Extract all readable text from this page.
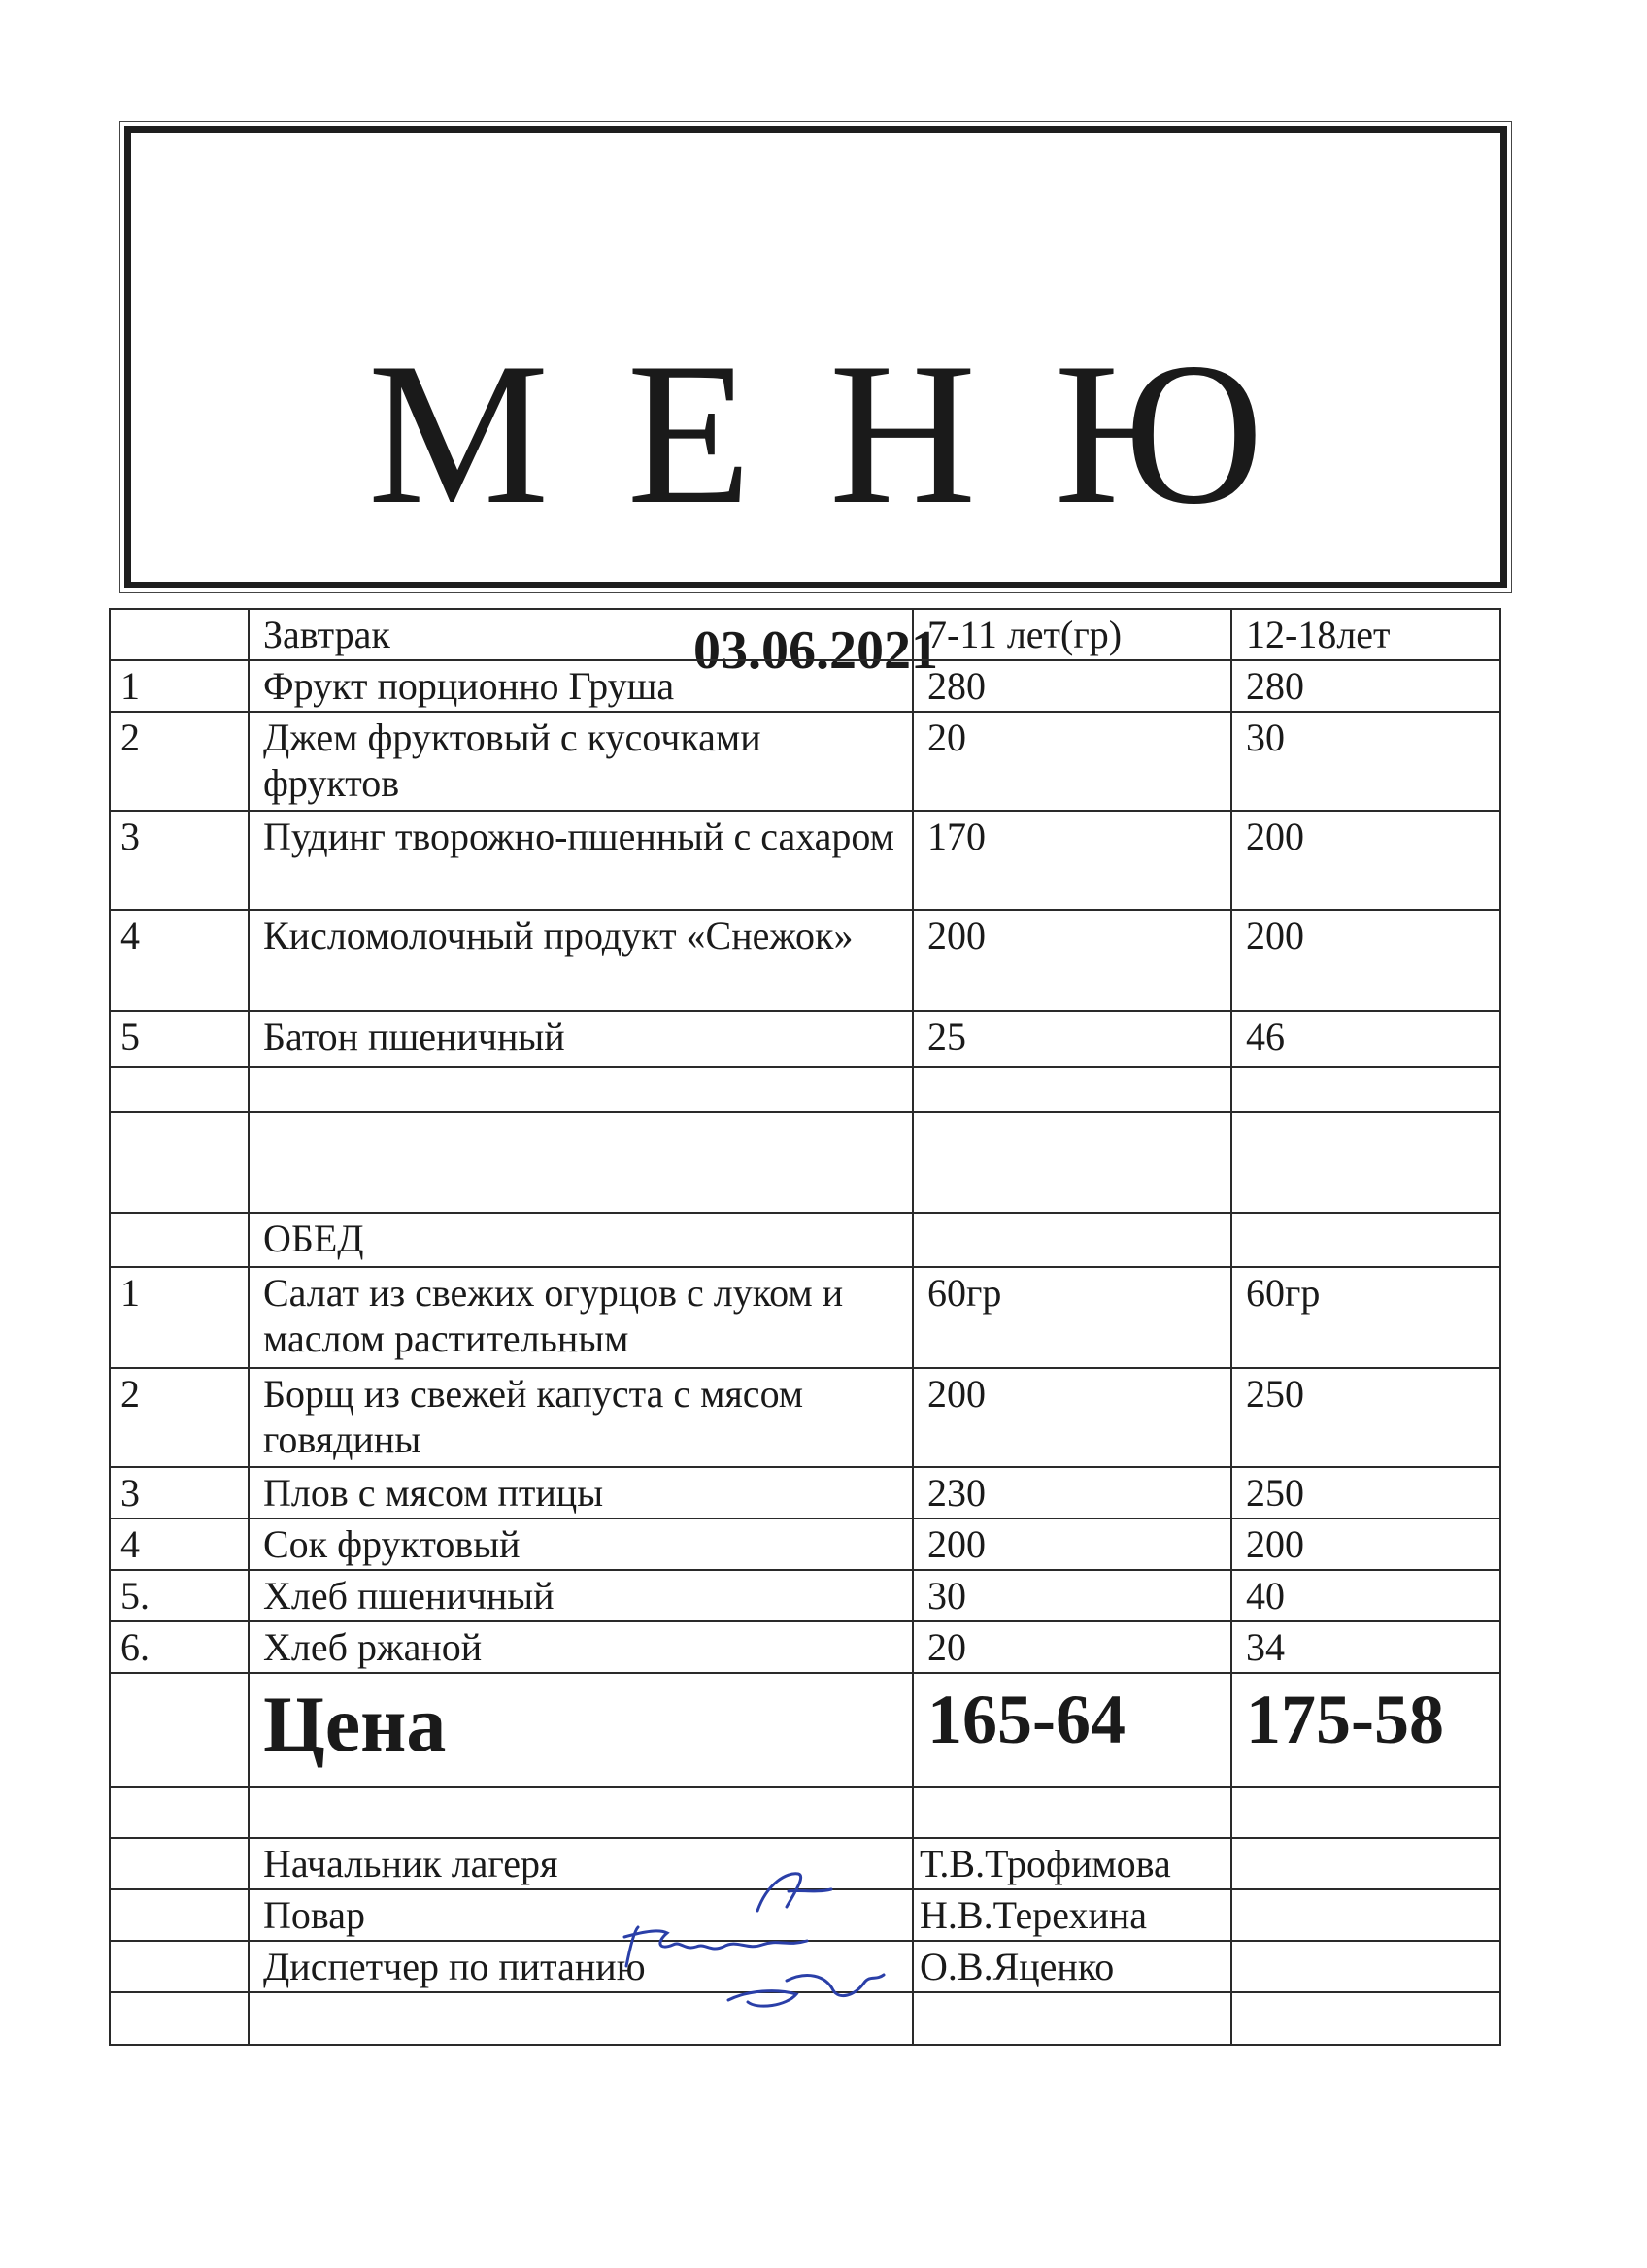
М Е Н Ю
03.06.2021
	Завтрак	7-11 лет(гр)	12-18лет
1	Фрукт порционно Груша	280	280
2	Джем фруктовый с кусочками фруктов	20	30
3	Пудинг творожно-пшенный с сахаром	170	200
4	Кисломолочный продукт «Снежок»	200	200
5	Батон пшеничный	25	46

	ОБЕД		
1	Салат из свежих огурцов с луком и маслом растительным	60гр	60гр
2	Борщ из свежей капуста с мясом говядины	200	250
3	Плов с мясом птицы	230	250
4	Сок фруктовый	200	200
5.	Хлеб пшеничный	30	40
6.	Хлеб ржаной	20	34
	Цена	165-64	175-58

	Начальник лагеря	Т.В.Трофимова	
	Повар	Н.В.Терехина	
	Диспетчер по питанию	О.В.Яценко	
